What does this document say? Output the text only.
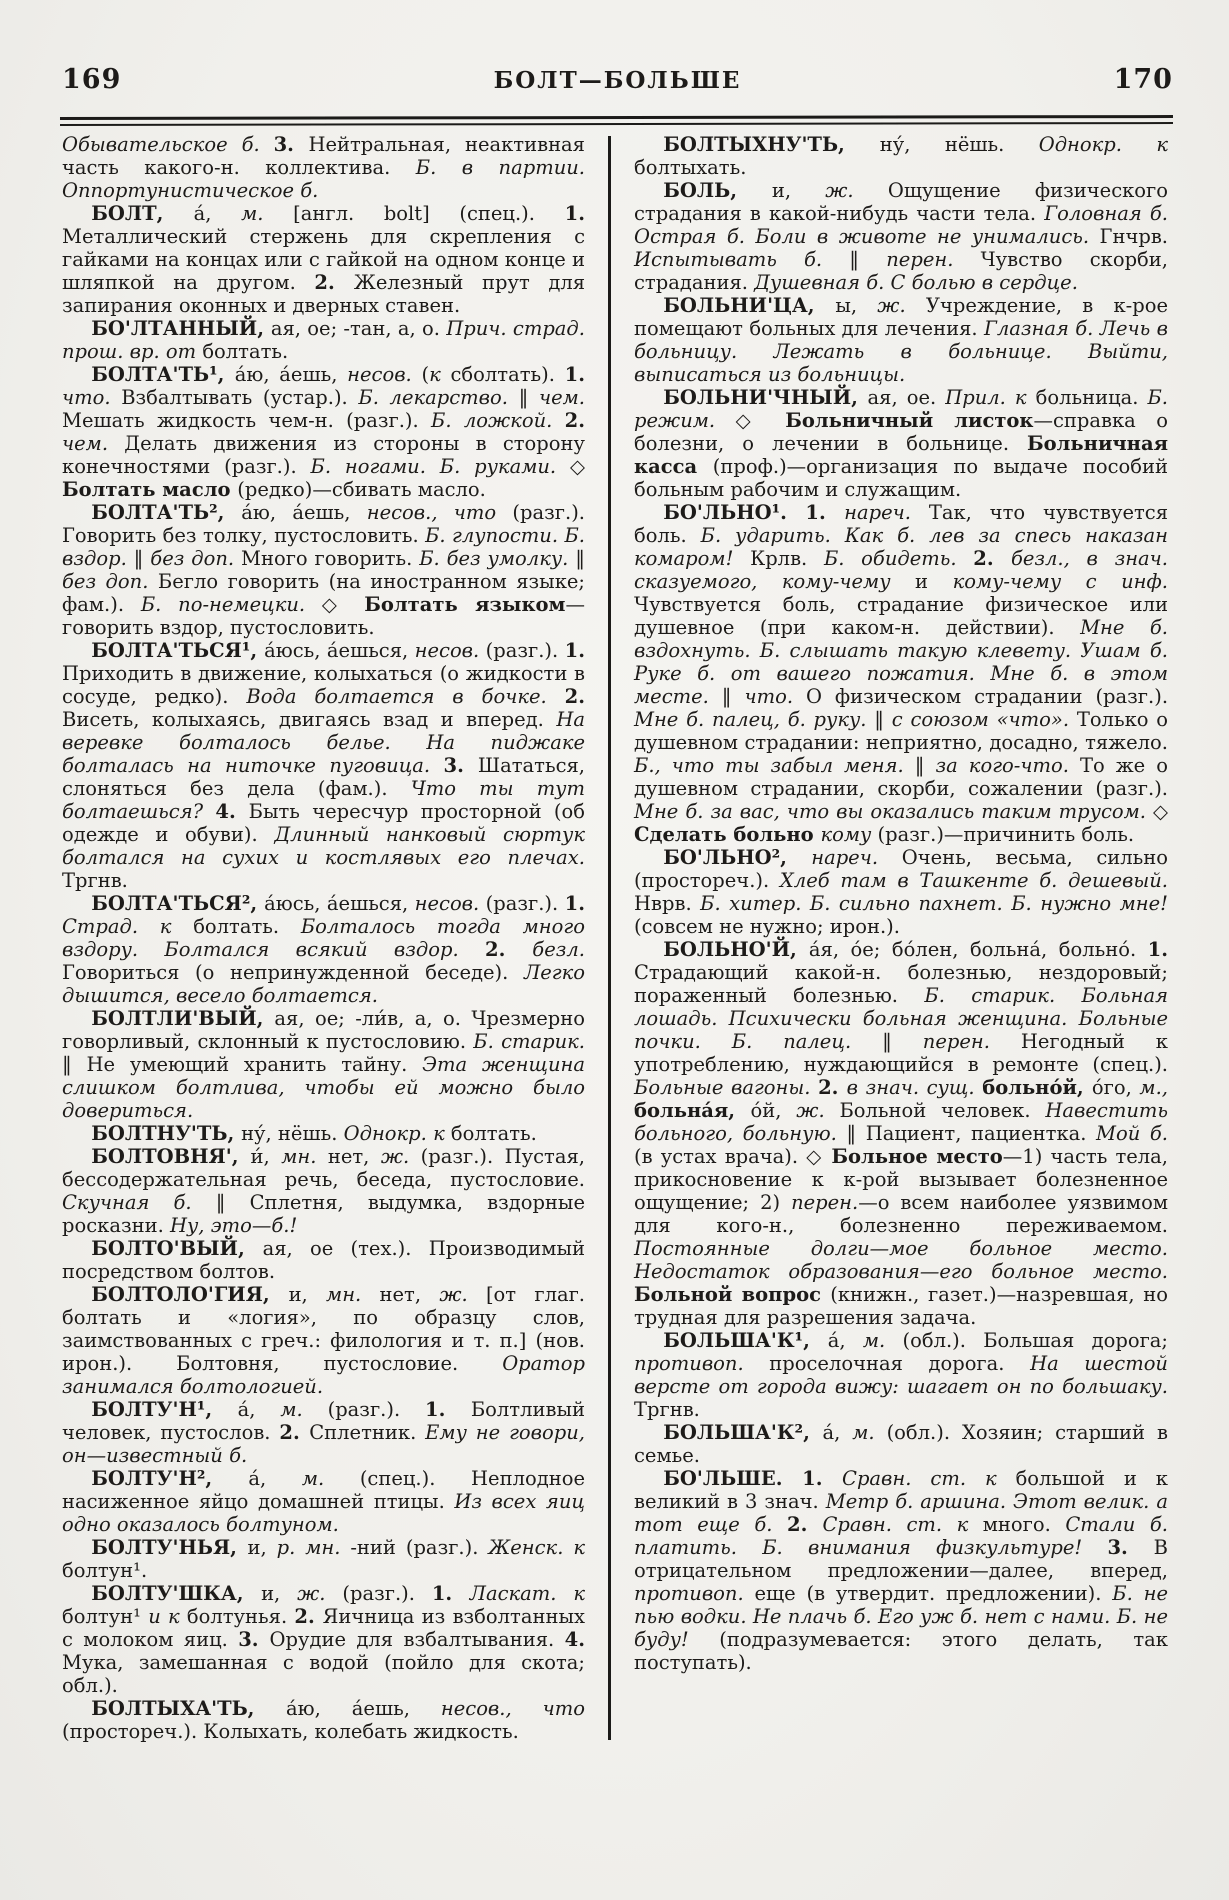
169	БОЛТ—БОЛЬШЕ	170

Обывательское б. 3. Нейтральная, неактивная часть какого-н. коллектива. Б. в партии. Оппортунистическое б.

БОЛТ, а́, м. [англ. bolt] (спец.). 1. Металлический стержень для скрепления с гайками на концах или с гайкой на одном конце и шляпкой на другом. 2. Железный прут для запирания оконных и дверных ставен.

БО'ЛТАННЫЙ, ая, ое; -тан, а, о. Прич. страд. прош. вр. от болтать.

БОЛТА'ТЬ¹, а́ю, а́ешь, несов. (к сболтать). 1. что. Взбалтывать (устар.). Б. лекарство. ‖ чем. Мешать жидкость чем-н. (разг.). Б. ложкой. 2. чем. Делать движения из стороны в сторону конечностями (разг.). Б. ногами. Б. руками. ◇ Болтать масло (редко)—сбивать масло.

БОЛТА'ТЬ², а́ю, а́ешь, несов., что (разг.). Говорить без толку, пустословить. Б. глупости. Б. вздор. ‖ без доп. Много говорить. Б. без умолку. ‖ без доп. Бегло говорить (на иностранном языке; фам.). Б. по-немецки. ◇ Болтать языком—говорить вздор, пустословить.

БОЛТА'ТЬСЯ¹, а́юсь, а́ешься, несов. (разг.). 1. Приходить в движение, колыхаться (о жидкости в сосуде, редко). Вода болтается в бочке. 2. Висеть, колыхаясь, двигаясь взад и вперед. На веревке болталось белье. На пиджаке болталась на ниточке пуговица. 3. Шататься, слоняться без дела (фам.). Что ты тут болтаешься? 4. Быть чересчур просторной (об одежде и обуви). Длинный нанковый сюртук болтался на сухих и костлявых его плечах. Тргнв.

БОЛТА'ТЬСЯ², а́юсь, а́ешься, несов. (разг.). 1. Страд. к болтать. Болталось тогда много вздору. Болтался всякий вздор. 2. безл. Говориться (о непринужденной беседе). Легко дышится, весело болтается.

БОЛТЛИ'ВЫЙ, ая, ое; -ли́в, а, о. Чрезмерно говорливый, склонный к пустословию. Б. старик. ‖ Не умеющий хранить тайну. Эта женщина слишком болтлива, чтобы ей можно было довериться.

БОЛТНУ'ТЬ, ну́, нёшь. Однокр. к болтать.

БОЛТОВНЯ', и́, мн. нет, ж. (разг.). Пустая, бессодержательная речь, беседа, пустословие. Скучная б. ‖ Сплетня, выдумка, вздорные росказни. Ну, это—б.!

БОЛТО'ВЫЙ, ая, ое (тех.). Производимый посредством болтов.

БОЛТОЛО'ГИЯ, и, мн. нет, ж. [от глаг. болтать и «логия», по образцу слов, заимствованных с греч.: филология и т. п.] (нов. ирон.). Болтовня, пустословие. Оратор занимался болтологией.

БОЛТУ'Н¹, а́, м. (разг.). 1. Болтливый человек, пустослов. 2. Сплетник. Ему не говори, он—известный б.

БОЛТУ'Н², а́, м. (спец.). Неплодное насиженное яйцо домашней птицы. Из всех яиц одно оказалось болтуном.

БОЛТУ'НЬЯ, и, р. мн. -ний (разг.). Женск. к болтун¹.

БОЛТУ'ШКА, и, ж. (разг.). 1. Ласкат. к болтун¹ и к болтунья. 2. Яичница из взболтанных с молоком яиц. 3. Орудие для взбалтывания. 4. Мука, замешанная с водой (пойло для скота; обл.).

БОЛТЫХА'ТЬ, а́ю, а́ешь, несов., что (простореч.). Колыхать, колебать жидкость.

БОЛТЫХНУ'ТЬ, ну́, нёшь. Однокр. к болтыхать.

БОЛЬ, и, ж. Ощущение физического страдания в какой-нибудь части тела. Головная б. Острая б. Боли в животе не унимались. Гнчрв. Испытывать б. ‖ перен. Чувство скорби, страдания. Душевная б. С болью в сердце.

БОЛЬНИ'ЦА, ы, ж. Учреждение, в к-рое помещают больных для лечения. Глазная б. Лечь в больницу. Лежать в больнице. Выйти, выписаться из больницы.

БОЛЬНИ'ЧНЫЙ, ая, ое. Прил. к больница. Б. режим. ◇ Больничный листок—справка о болезни, о лечении в больнице. Больничная касса (проф.)—организация по выдаче пособий больным рабочим и служащим.

БО'ЛЬНО¹. 1. нареч. Так, что чувствуется боль. Б. ударить. Как б. лев за спесь наказан комаром! Крлв. Б. обидеть. 2. безл., в знач. сказуемого, кому-чему и кому-чему с инф. Чувствуется боль, страдание физическое или душевное (при каком-н. действии). Мне б. вздохнуть. Б. слышать такую клевету. Ушам б. Руке б. от вашего пожатия. Мне б. в этом месте. ‖ что. О физическом страдании (разг.). Мне б. палец, б. руку. ‖ с союзом «что». Только о душевном страдании: неприятно, досадно, тяжело. Б., что ты забыл меня. ‖ за кого-что. То же о душевном страдании, скорби, сожалении (разг.). Мне б. за вас, что вы оказались таким трусом. ◇ Сделать больно кому (разг.)—причинить боль.

БО'ЛЬНО², нареч. Очень, весьма, сильно (простореч.). Хлеб там в Ташкенте б. дешевый. Нврв. Б. хитер. Б. сильно пахнет. Б. нужно мне! (совсем не нужно; ирон.).

БОЛЬНО'Й, а́я, о́е; бо́лен, больна́, больно́. 1. Страдающий какой-н. болезнью, нездоровый; пораженный болезнью. Б. старик. Больная лошадь. Психически больная женщина. Больные почки. Б. палец. ‖ перен. Негодный к употреблению, нуждающийся в ремонте (спец.). Больные вагоны. 2. в знач. сущ. больно́й, о́го, м., больна́я, о́й, ж. Больной человек. Навестить больного, больную. ‖ Пациент, пациентка. Мой б. (в устах врача). ◇ Больное место—1) часть тела, прикосновение к к-рой вызывает болезненное ощущение; 2) перен.—о всем наиболее уязвимом для кого-н., болезненно переживаемом. Постоянные долги—мое больное место. Недостаток образования—его больное место. Больной вопрос (книжн., газет.)—назревшая, но трудная для разрешения задача.

БОЛЬША'К¹, а́, м. (обл.). Большая дорога; противоп. проселочная дорога. На шестой версте от города вижу: шагает он по большаку. Тргнв.

БОЛЬША'К², а́, м. (обл.). Хозяин; старший в семье.

БО'ЛЬШЕ. 1. Сравн. ст. к большой и к великий в 3 знач. Метр б. аршина. Этот велик. а тот еще б. 2. Сравн. ст. к много. Стали б. платить. Б. внимания физкультуре! 3. В отрицательном предложении—далее, вперед, противоп. еще (в утвердит. предложении). Б. не пью водки. Не плачь б. Его уж б. нет с нами. Б. не буду! (подразумевается: этого делать, так поступать).
